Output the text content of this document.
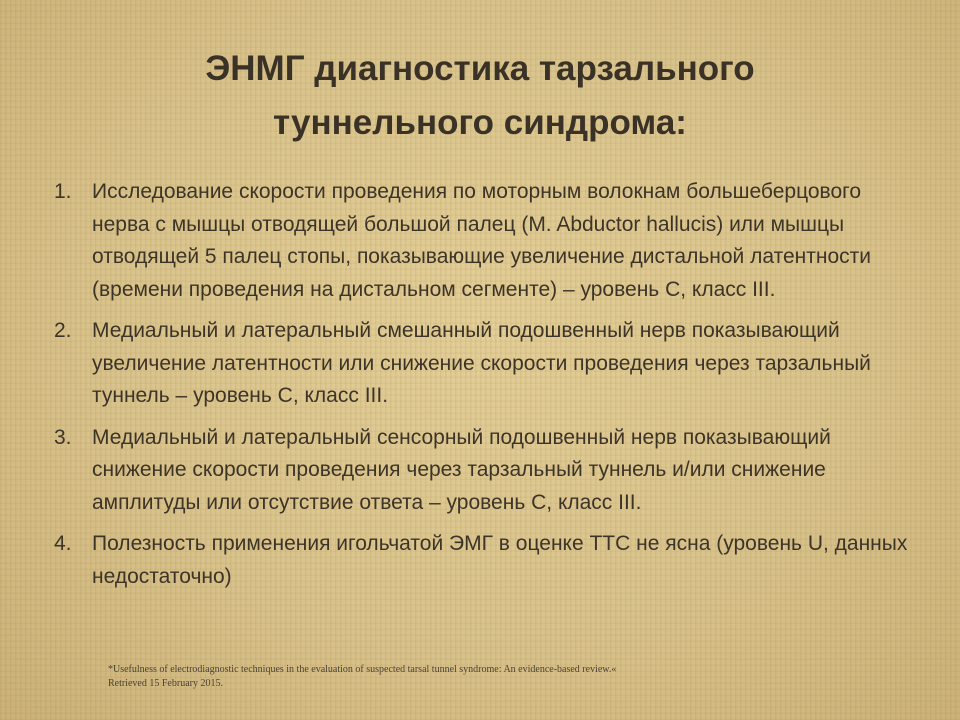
ЭНМГ диагностика тарзального
туннельного синдрома:
1. Исследование скорости проведения по моторным волокнам большеберцового нерва с мышцы отводящей большой палец (M. Abductor hallucis) или мышцы отводящей 5 палец стопы, показывающие увеличение дистальной латентности (времени проведения на дистальном сегменте) – уровень С, класс III.
2. Медиальный и латеральный смешанный подошвенный нерв показывающий увеличение латентности или снижение скорости проведения через тарзальный туннель – уровень С, класс III.
3. Медиальный и латеральный сенсорный подошвенный нерв показывающий снижение скорости проведения через тарзальный туннель и/или снижение амплитуды или отсутствие ответа – уровень С, класс III.
4. Полезность применения игольчатой ЭМГ в оценке ТТС не ясна (уровень U, данных недостаточно)
*Usefulness of electrodiagnostic techniques in the evaluation of suspected tarsal tunnel syndrome: An evidence-based review.«
Retrieved 15 February 2015.
